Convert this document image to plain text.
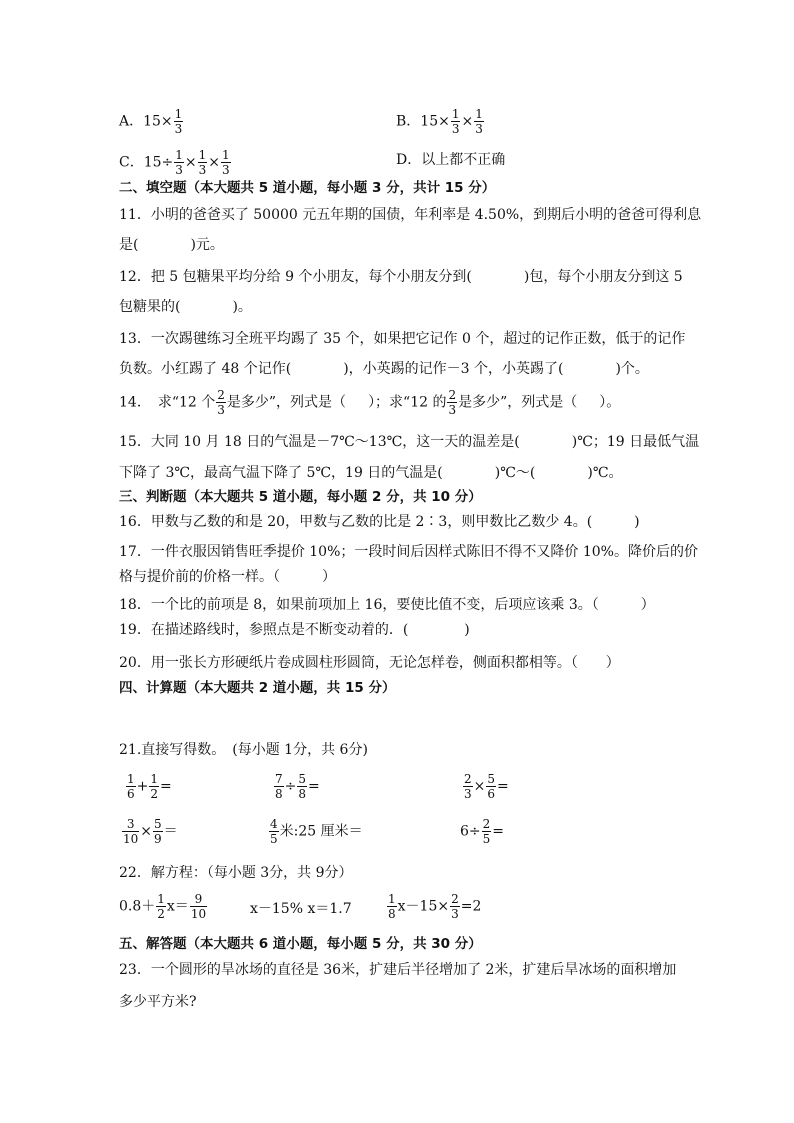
A．$15\times \frac{1}{3}$	B．$15\times \frac{1}{3} \times \frac{1}{3}$
C．$15\div \frac{1}{3} \times \frac{1}{3} \times \frac{1}{3}$	D．以上都不正确
二、填空题（本大题共 5 道小题，每小题 3 分，共计 15 分）
11．小明的爸爸买了 50000 元五年期的国债，年利率是 4.50%，到期后小明的爸爸可得利息
是(	)元。
12．把 5 包糖果平均分给 9 个小朋友，每个小朋友分到(	)包，每个小朋友分到这 5
包糖果的(	)。
13．一次踢毽练习全班平均踢了 35 个，如果把它记作 0 个，超过的记作正数，低于的记作
负数。小红踢了 48 个记作(	)，小英踢的记作－3 个，小英踢了(	)个。
14．　求“12 个 $\frac{2}{3}$ 是多少”，列式是（ ）；求“12 的 $\frac{2}{3}$ 是多少”，列式是（ ）。
15．大同 10 月 18 日的气温是－7℃～13℃，这一天的温差是(	)℃；19 日最低气温
下降了 3℃，最高气温下降了 5℃，19 日的气温是(	)℃～(	)℃。
三、判断题（本大题共 5 道小题，每小题 2 分，共 10 分）
16．甲数与乙数的和是 20，甲数与乙数的比是 2∶3，则甲数比乙数少 4。(　　　)
17．一件衣服因销售旺季提价 10%；一段时间后因样式陈旧不得不又降价 10%。降价后的价
格与提价前的价格一样。（　　　）
18．一个比的前项是 8，如果前项加上 16，要使比值不变，后项应该乘 3。（　　　）
19．在描述路线时，参照点是不断变动着的．(　　　　)
20．用一张长方形硬纸片卷成圆柱形圆筒，无论怎样卷，侧面积都相等。（　　）
四、计算题（本大题共 2 道小题，共 15 分）
21.直接写得数。　(每小题 1分，共 6分)
$\frac{1}{6} + \frac{1}{2}$ =	$\frac{7}{8} \div \frac{5}{8}$ =	$\frac{2}{3} \times \frac{5}{6}$ =
$\frac{3}{10} \times \frac{5}{9}$ ＝	$\frac{4}{5}$ 米:25 厘米＝	$6\div \frac{2}{5}$ =
22．解方程：（每小题 3分，共 9分）
$0.8+ \frac{1}{2} x= \frac{9}{10}$	x－15% x＝1.7	$\frac{1}{8} x-15\times \frac{2}{3} =2$
五、解答题（本大题共 6 道小题，每小题 5 分，共 30 分）
23．一个圆形的旱冰场的直径是 36米，扩建后半径增加了 2米，扩建后旱冰场的面积增加
多少平方米?
